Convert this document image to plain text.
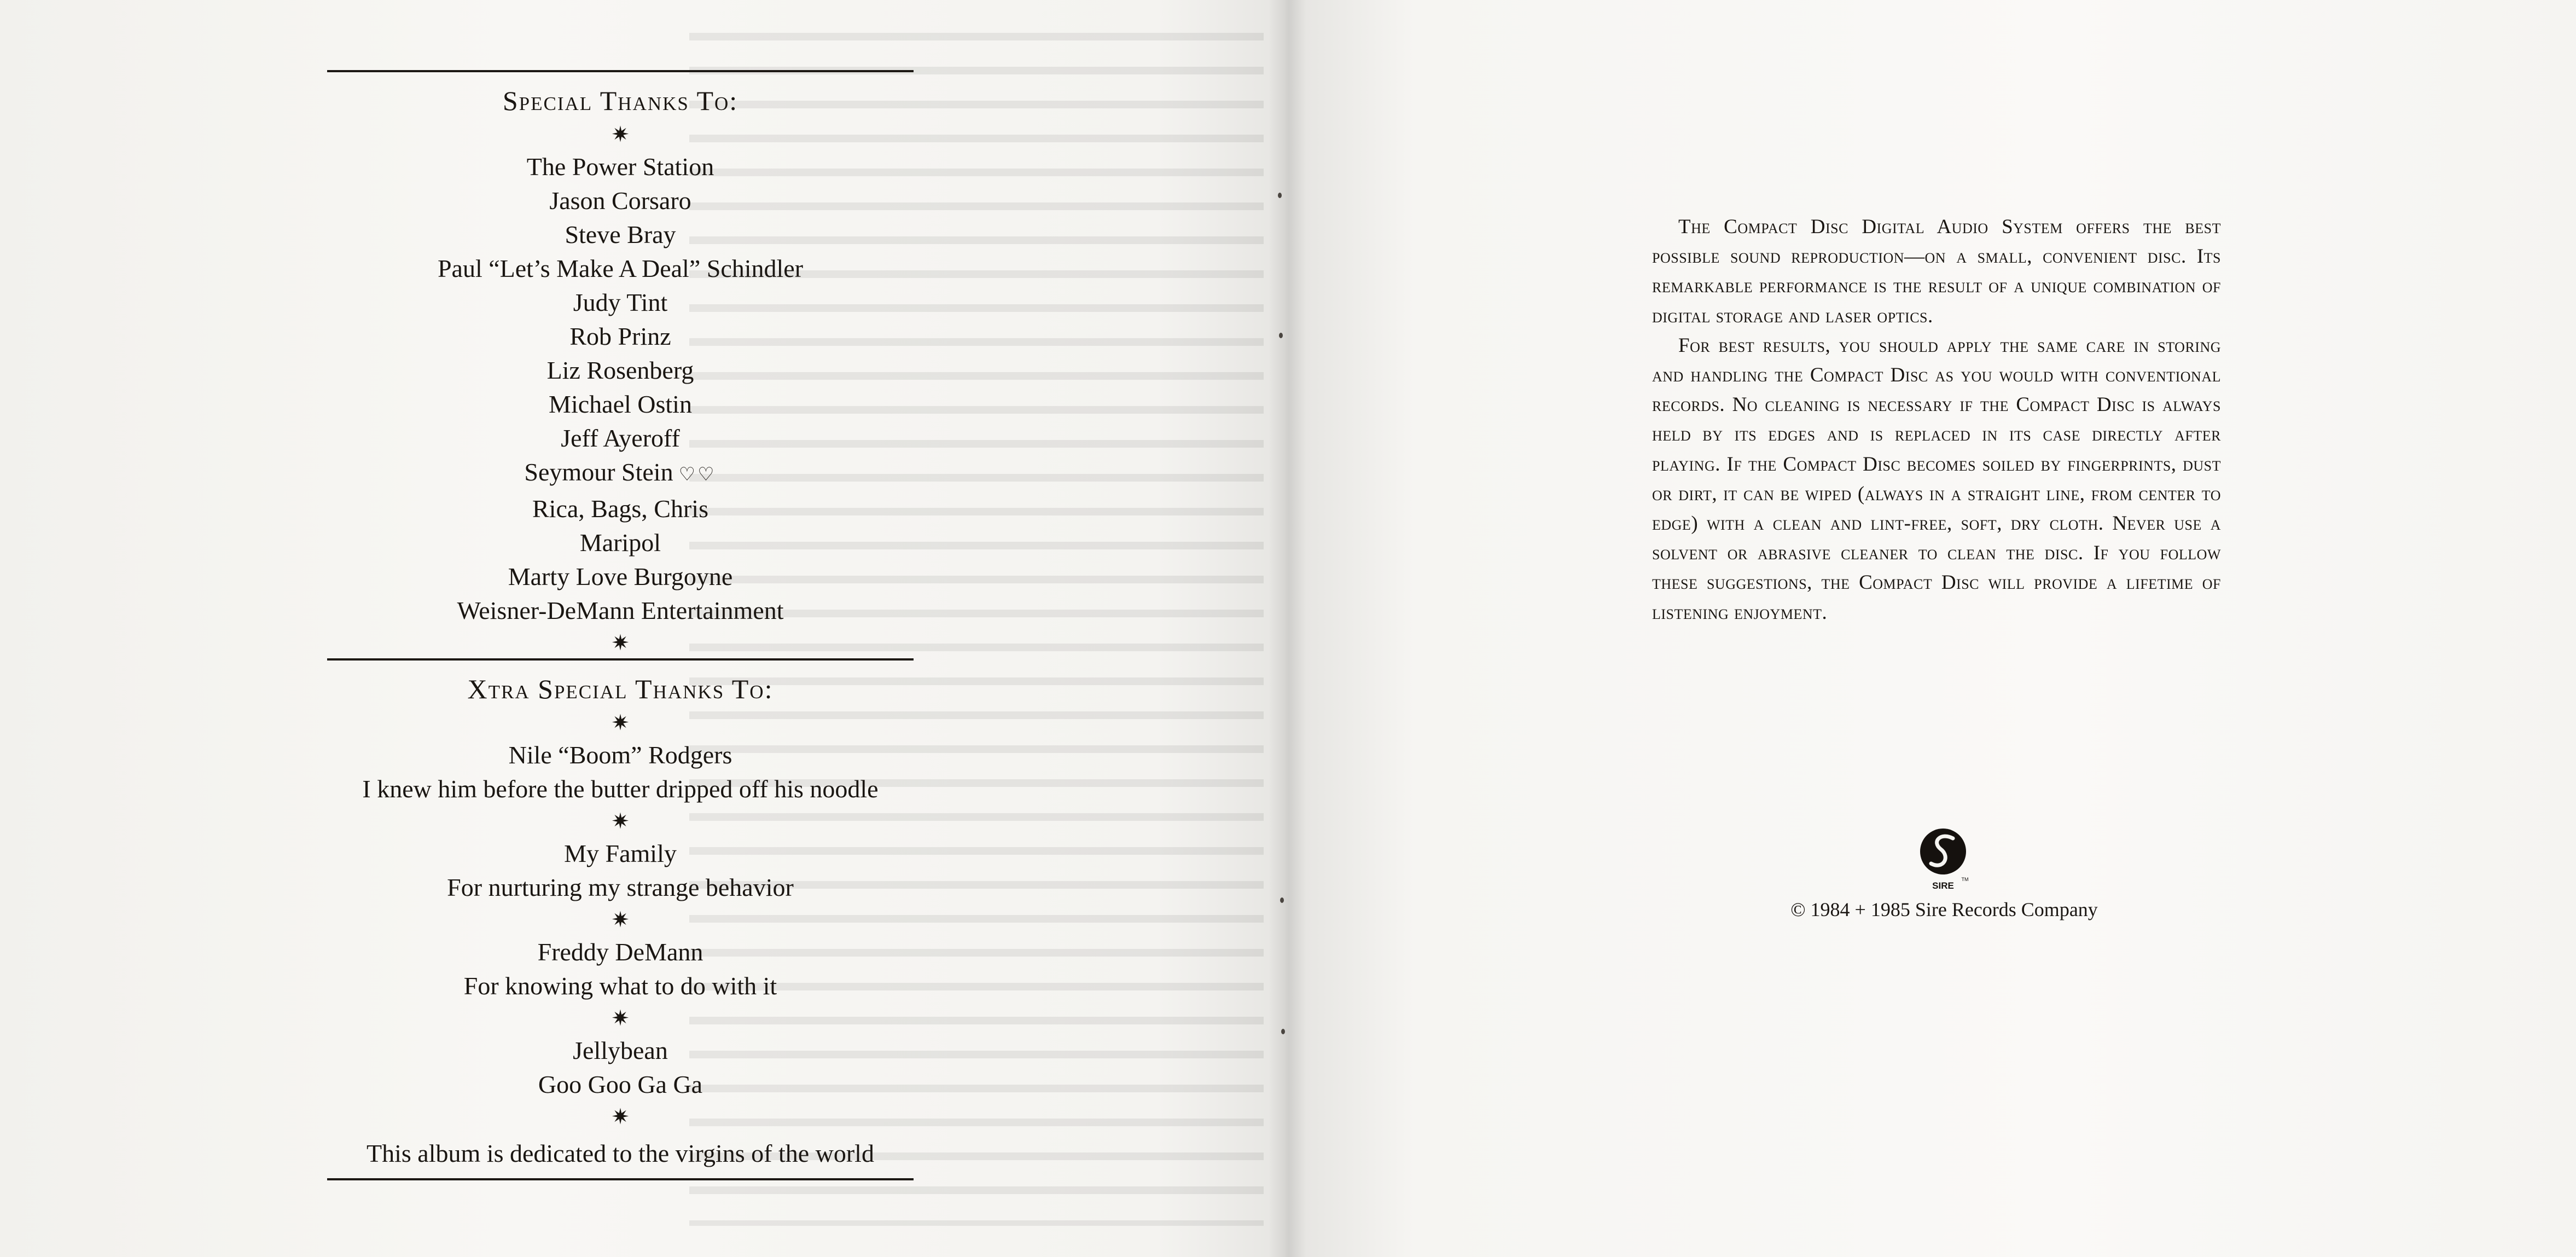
Special Thanks To:
✷
The Power Station
Jason Corsaro
Steve Bray
Paul “Let’s Make A Deal” Schindler
Judy Tint
Rob Prinz
Liz Rosenberg
Michael Ostin
Jeff Ayeroff
Seymour Stein ♡♡
Rica, Bags, Chris
Maripol
Marty Love Burgoyne
Weisner-DeMann Entertainment
✷
Xtra Special Thanks To:
✷
Nile “Boom” Rodgers
I knew him before the butter dripped off his noodle
✷
My Family
For nurturing my strange behavior
✷
Freddy DeMann
For knowing what to do with it
✷
Jellybean
Goo Goo Ga Ga
✷
This album is dedicated to the virgins of the world

The Compact Disc Digital Audio System offers the best possible sound reproduction—on a small, convenient disc. Its remarkable performance is the result of a unique combination of digital storage and laser optics.

For best results, you should apply the same care in storing and handling the Compact Disc as you would with conventional records. No cleaning is necessary if the Compact Disc is always held by its edges and is replaced in its case directly after playing. If the Compact Disc becomes soiled by fingerprints, dust or dirt, it can be wiped (always in a straight line, from center to edge) with a clean and lint-free, soft, dry cloth. Never use a solvent or abrasive cleaner to clean the disc. If you follow these suggestions, the Compact Disc will provide a lifetime of listening enjoyment.

SIRE
TM
© 1984 + 1985 Sire Records Company
